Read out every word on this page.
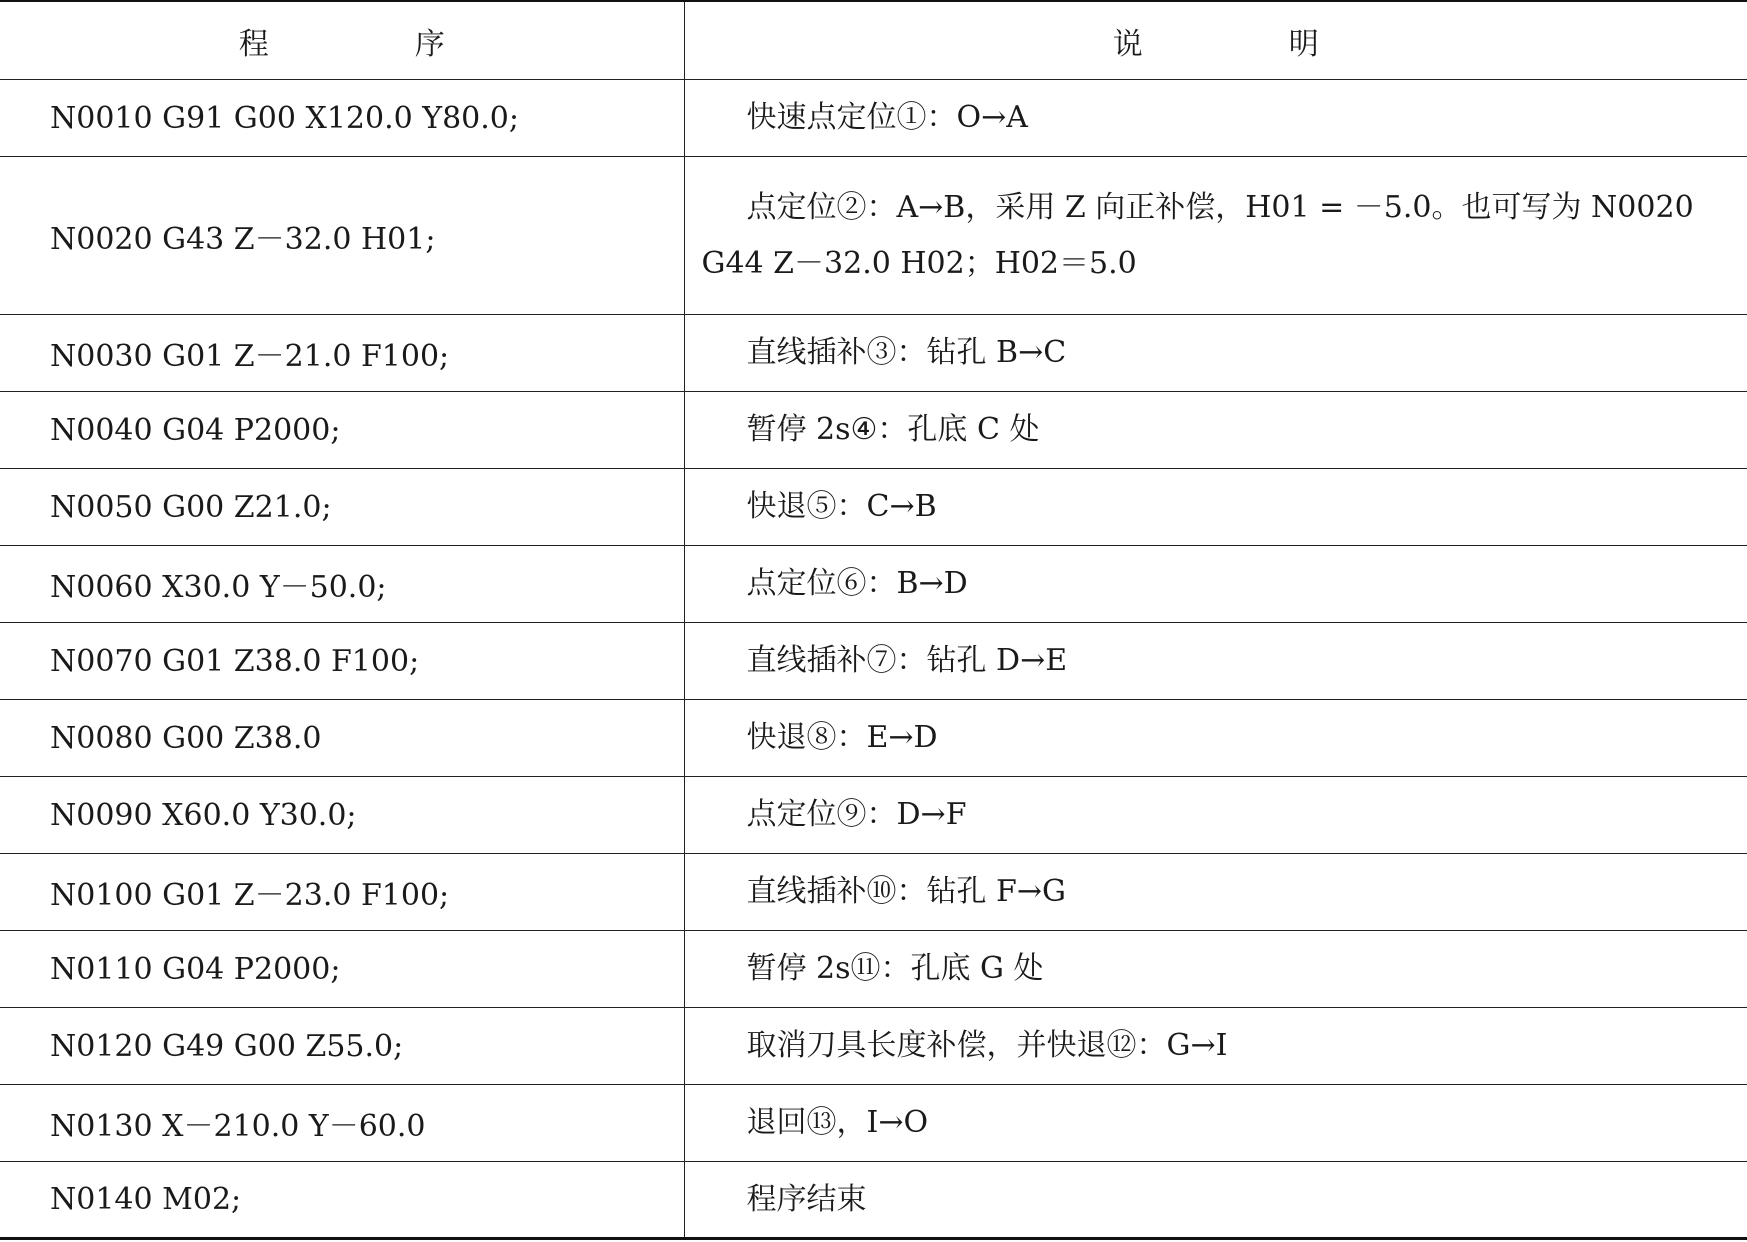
程　序	说　明
N0010 G91 G00 X120.0 Y80.0;	快速点定位①：O→A

N0020 G43 Z－32.0 H01;	点定位②：A→B，采用 Z 向正补偿，H01 = －5.0。也可写为 N0020 G44 Z－32.0 H02；H02＝5.0

N0030 G01 Z－21.0 F100;	直线插补③：钻孔 B→C

N0040 G04 P2000;	暂停 2s④：孔底 C 处

N0050 G00 Z21.0;	快退⑤：C→B

N0060 X30.0 Y－50.0;	点定位⑥：B→D

N0070 G01 Z38.0 F100;	直线插补⑦：钻孔 D→E

N0080 G00 Z38.0	快退⑧：E→D

N0090 X60.0 Y30.0;	点定位⑨：D→F

N0100 G01 Z－23.0 F100;	直线插补⑩：钻孔 F→G

N0110 G04 P2000;	暂停 2s⑪：孔底 G 处

N0120 G49 G00 Z55.0;	取消刀具长度补偿，并快退⑫：G→I

N0130 X－210.0 Y－60.0	退回⑬，I→O

N0140 M02;	程序结束
